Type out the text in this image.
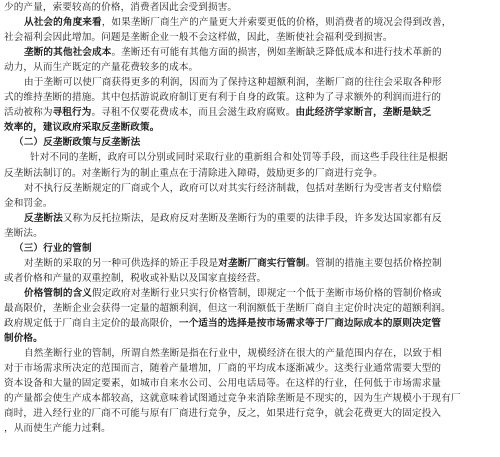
少的产量，索要较高的价格，消费者因此会受到损害。

从社会的角度来看，如果垄断厂商生产的产量更大并索要更低的价格，则消费者的境况会得到改善，

社会福利会因此增加。问题是垄断企业一般不会这样做，因此，垄断使社会福利受到损害。

垄断的其他社会成本。垄断还有可能有其他方面的损害，例如垄断缺乏降低成本和进行技术革新的

动力，从而生产既定的产量花费较多的成本。

由于垄断可以使厂商获得更多的利润，因而为了保持这种超额利润，垄断厂商的往往会采取各种形

式的维持垄断的措施。其中包括游说政府制订更有利于自身的政策。这种为了寻求额外的利润而进行的

活动被称为寻租行为。寻租不仅要花费成本，而且会滋生政府腐败。由此经济学家断言，垄断是缺乏

效率的，建议政府采取反垄断政策。

（二）反垄断政策与反垄断法

针对不同的垄断，政府可以分别或同时采取行业的重新组合和处罚等手段，而这些手段往往是根据

反垄断法制订的。对垄断行为的制止重点在于清除进入障碍，鼓励更多的厂商进行竞争。

对不执行反垄断规定的厂商或个人，政府可以对其实行经济制裁，包括对垄断行为受害者支付赔偿

金和罚金。

反垄断法又称为反托拉斯法，是政府反对垄断及垄断行为的重要的法律手段，许多发达国家都有反

垄断法。

（三）行业的管制

对垄断的采取的另一种可供选择的矫正手段是对垄断厂商实行管制。管制的措施主要包括价格控制

或者价格和产量的双重控制，税收或补贴以及国家直接经营。

价格管制的含义假定政府对垄断行业只实行价格管制，即规定一个低于垄断市场价格的管制价格或

最高限价，垄断企业会获得一定量的超额利润，但这一利润额低于垄断厂商自主定价时决定的超额利润。

政府规定低于厂商自主定价的最高限价，一个适当的选择是按市场需求等于厂商边际成本的原则决定管

制价格。

自然垄断行业的管制，所谓自然垄断是指在行业中，规模经济在很大的产量范围内存在，以致于相

对于市场需求所决定的范围而言，随着产量增加，厂商的平均成本逐渐减少。这类行业通常需要大型的

资本设备和大量的固定要素，如城市自来水公司、公用电话局等。在这样的行业，任何低于市场需求量

的产量都会使生产成本都较高，这就意味着试图通过竞争来消除垄断是不现实的，因为生产规模小于现有厂

商时，进入经行业的厂商不可能与原有厂商进行竞争，反之，如果进行竞争，就会花费更大的固定投入

，从而使生产能力过剩。
